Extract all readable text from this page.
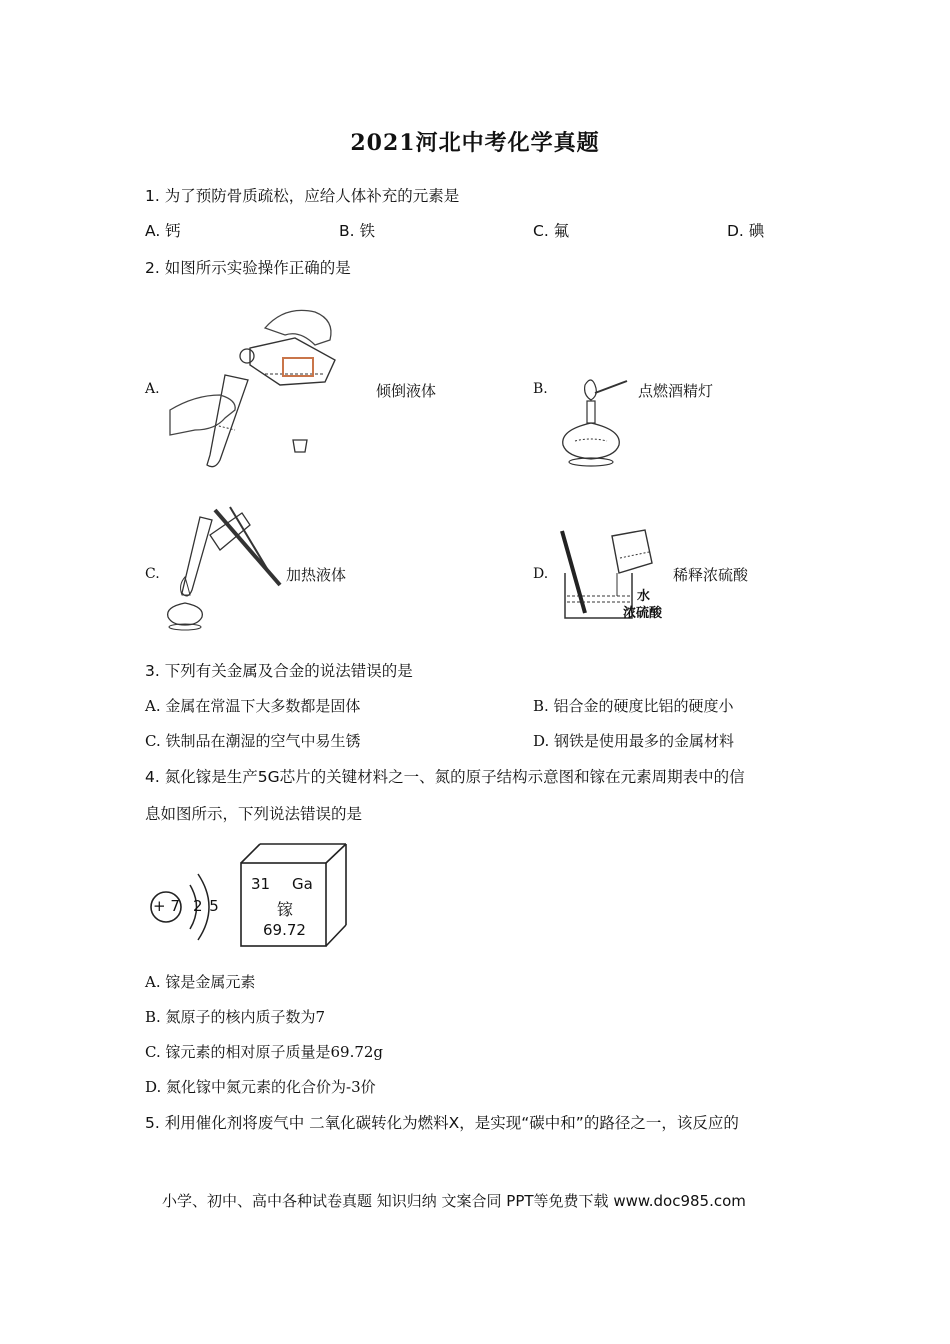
2021河北中考化学真题
1. 为了预防骨质疏松，应给人体补充的元素是
A. 钙	B. 铁	C. 氟	D. 碘
2. 如图所示实验操作正确的是
A.	倾倒液体	B.	点燃酒精灯
C.	加热液体	D.
水
浓硫酸
稀释浓硫酸
3. 下列有关金属及合金的说法错误的是
A. 金属在常温下大多数都是固体	B. 铝合金的硬度比铝的硬度小
C. 铁制品在潮湿的空气中易生锈	D. 钢铁是使用最多的金属材料
4. 氮化镓是生产5G芯片的关键材料之一、氮的原子结构示意图和镓在元素周期表中的信
息如图所示，下列说法错误的是
+ 7 2 5
31 Ga
镓
69.72
A. 镓是金属元素
B. 氮原子的核内质子数为7
C. 镓元素的相对原子质量是69.72g
D. 氮化镓中氮元素的化合价为-3价
5. 利用催化剂将废气中 二氧化碳转化为燃料X，是实现“碳中和”的路径之一，该反应的
小学、初中、高中各种试卷真题 知识归纳 文案合同 PPT等免费下载 www.doc985.com
